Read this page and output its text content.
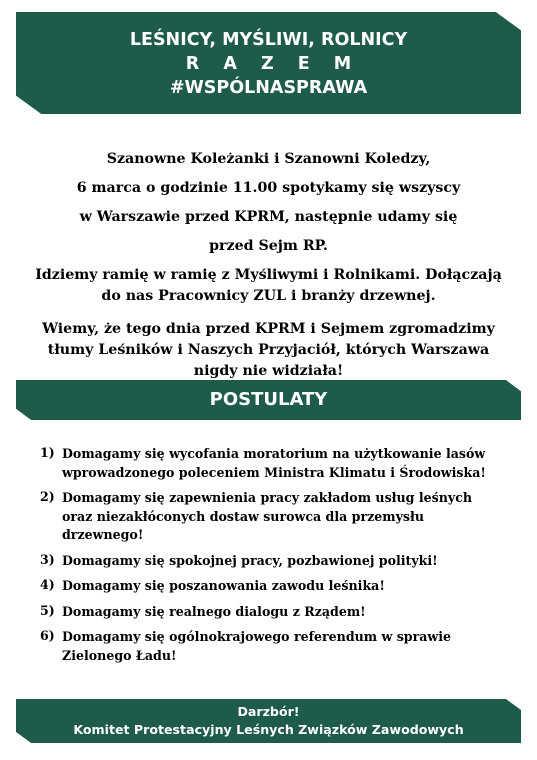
LEŚNICY, MYŚLIWI, ROLNICY
R A Z E M
#WSPÓLNASPRAWA
Szanowne Koleżanki i Szanowni Koledzy,
6 marca o godzinie 11.00 spotykamy się wszyscy
w Warszawie przed KPRM, następnie udamy się
przed Sejm RP.
Idziemy ramię w ramię z Myśliwymi i Rolnikami. Dołączają
do nas Pracownicy ZUL i branży drzewnej.
Wiemy, że tego dnia przed KPRM i Sejmem zgromadzimy
tłumy Leśników i Naszych Przyjaciół, których Warszawa
nigdy nie widziała!
POSTULATY
1) Domagamy się wycofania moratorium na użytkowanie lasów
wprowadzonego poleceniem Ministra Klimatu i Środowiska!
2) Domagamy się zapewnienia pracy zakładom usług leśnych
oraz niezakłóconych dostaw surowca dla przemysłu
drzewnego!
3) Domagamy się spokojnej pracy, pozbawionej polityki!
4) Domagamy się poszanowania zawodu leśnika!
5) Domagamy się realnego dialogu z Rządem!
6) Domagamy się ogólnokrajowego referendum w sprawie
Zielonego Ładu!
Darzbór!
Komitet Protestacyjny Leśnych Związków Zawodowych
